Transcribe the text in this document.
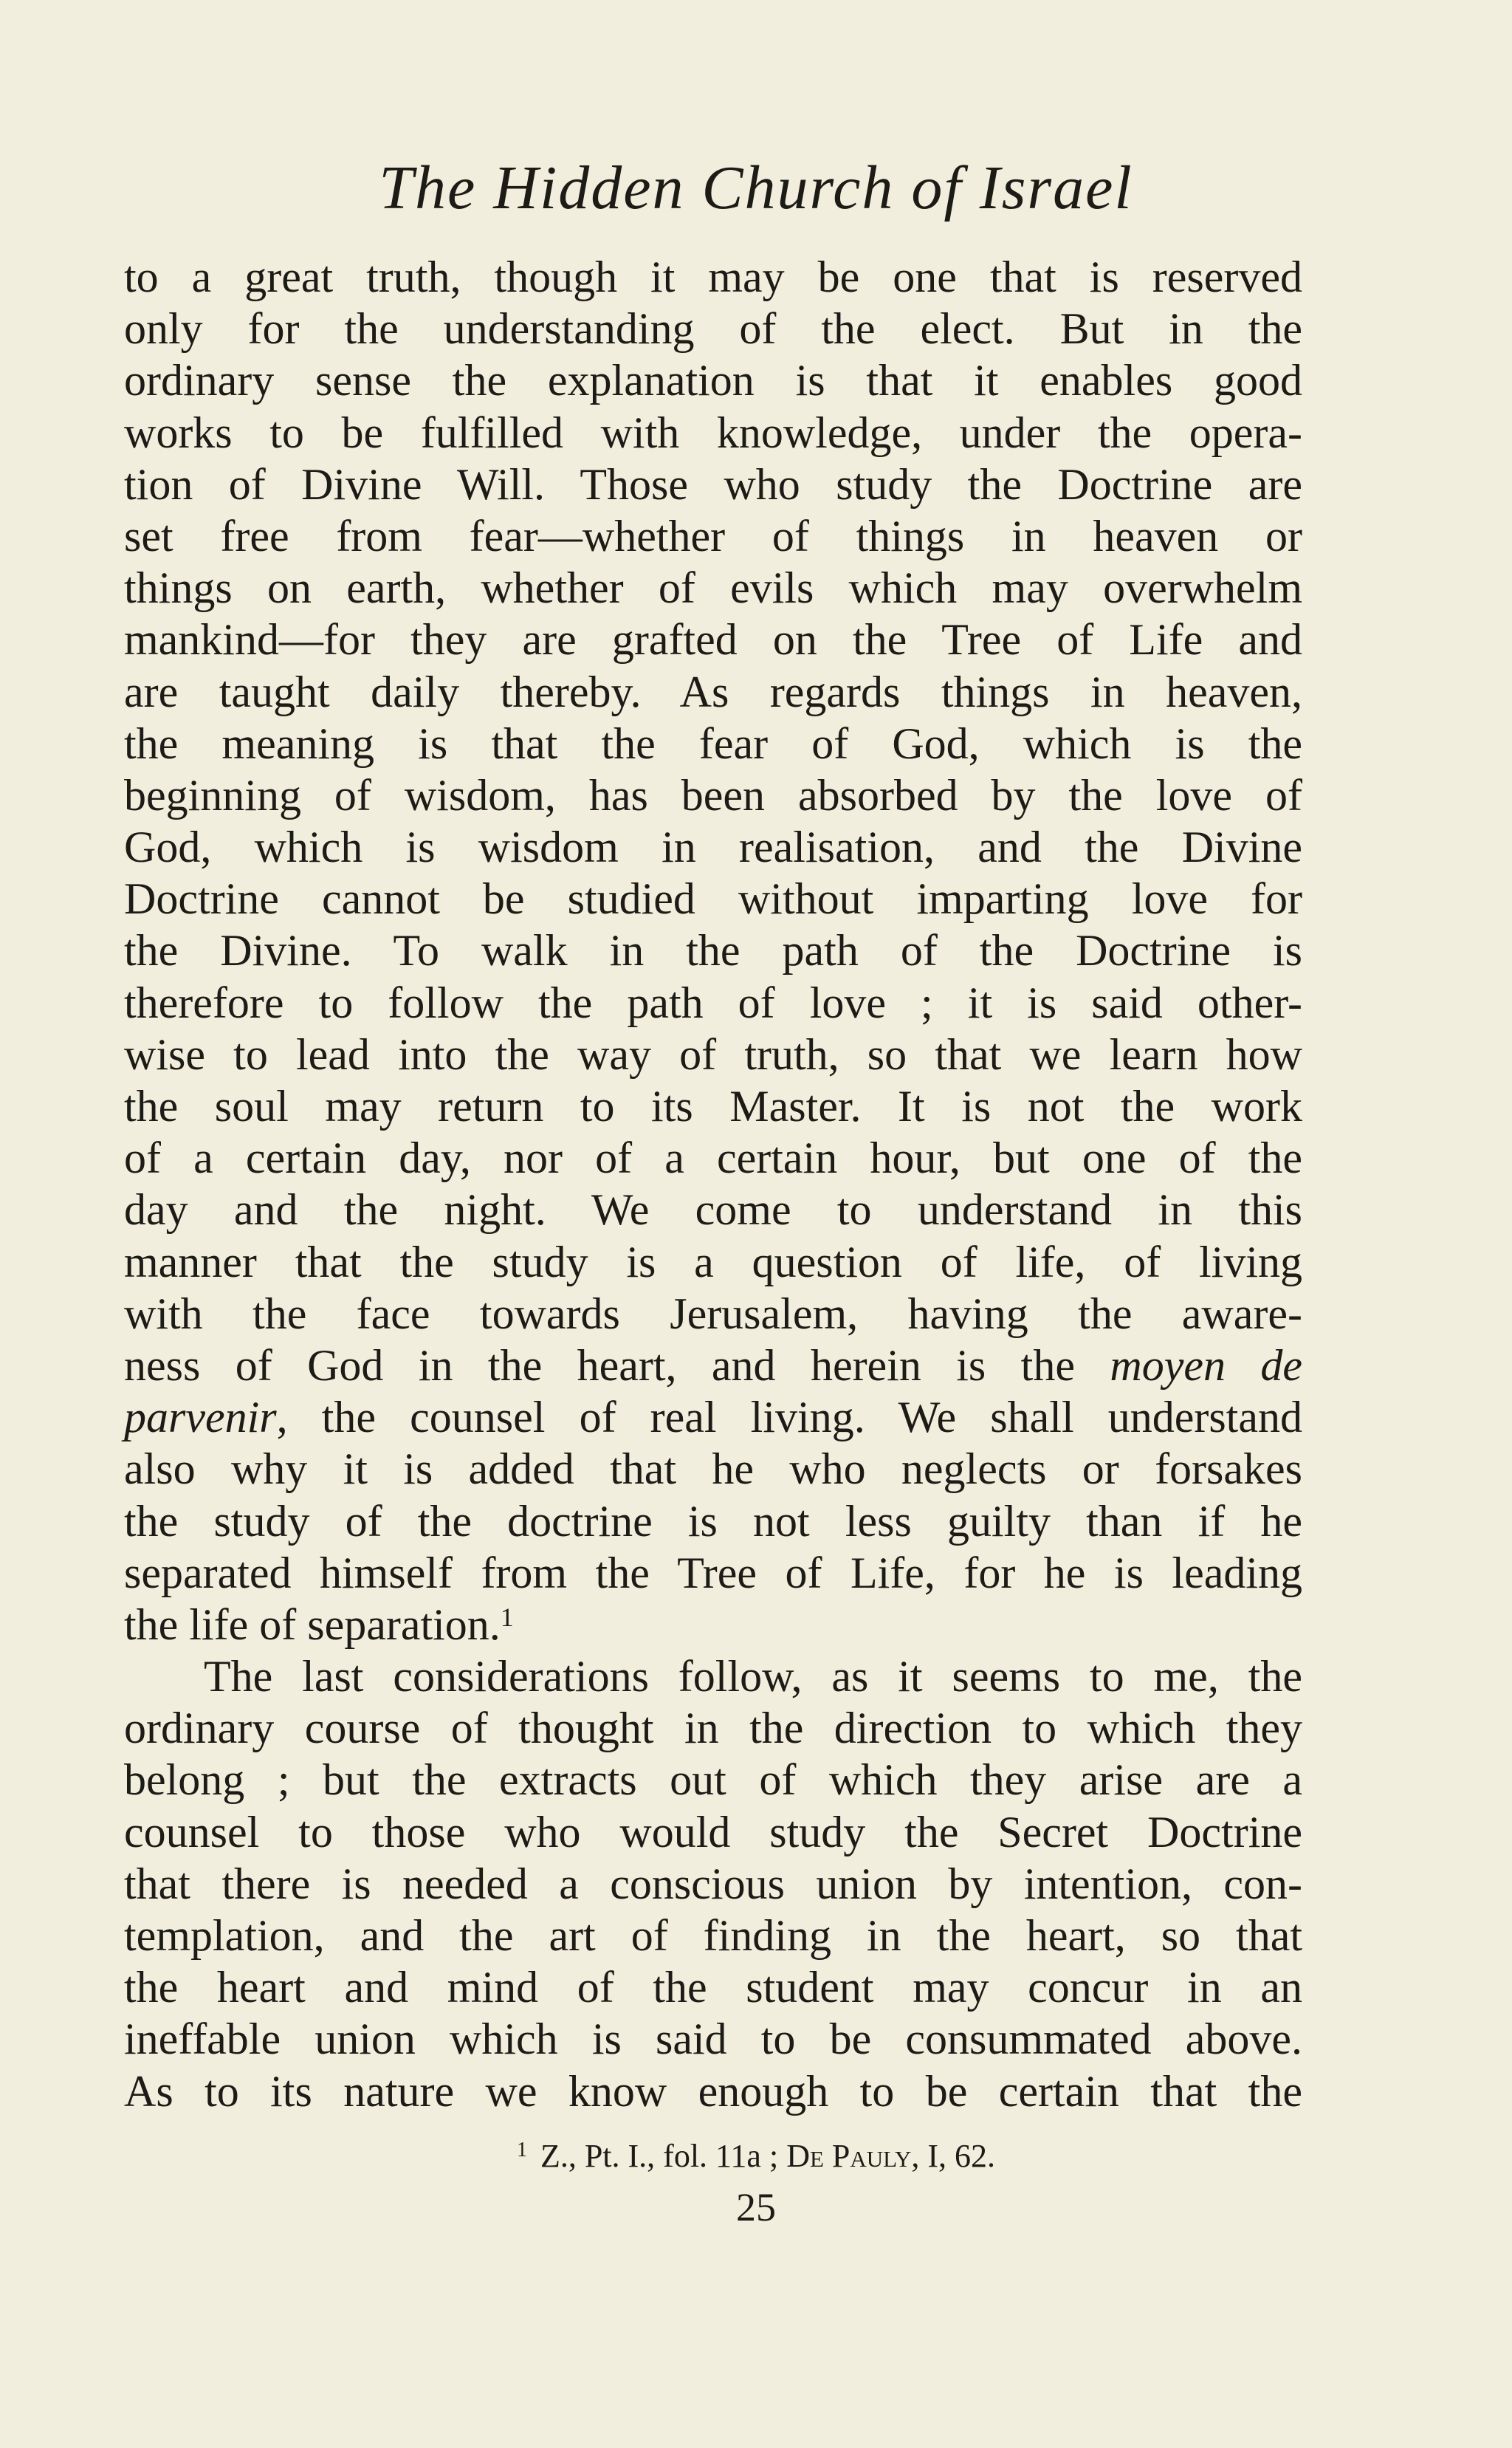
The Hidden Church of Israel
to a great truth, though it may be one that is reserved
only for the understanding of the elect. But in the
ordinary sense the explanation is that it enables good
works to be fulfilled with knowledge, under the opera-
tion of Divine Will. Those who study the Doctrine are
set free from fear—whether of things in heaven or
things on earth, whether of evils which may overwhelm
mankind—for they are grafted on the Tree of Life and
are taught daily thereby. As regards things in heaven,
the meaning is that the fear of God, which is the
beginning of wisdom, has been absorbed by the love of
God, which is wisdom in realisation, and the Divine
Doctrine cannot be studied without imparting love for
the Divine. To walk in the path of the Doctrine is
therefore to follow the path of love ; it is said other-
wise to lead into the way of truth, so that we learn how
the soul may return to its Master. It is not the work
of a certain day, nor of a certain hour, but one of the
day and the night. We come to understand in this
manner that the study is a question of life, of living
with the face towards Jerusalem, having the aware-
ness of God in the heart, and herein is the moyen de
parvenir, the counsel of real living. We shall understand
also why it is added that he who neglects or forsakes
the study of the doctrine is not less guilty than if he
separated himself from the Tree of Life, for he is leading
the life of separation.$^1$
The last considerations follow, as it seems to me, the
ordinary course of thought in the direction to which they
belong ; but the extracts out of which they arise are a
counsel to those who would study the Secret Doctrine
that there is needed a conscious union by intention, con-
templation, and the art of finding in the heart, so that
the heart and mind of the student may concur in an
ineffable union which is said to be consummated above.
As to its nature we know enough to be certain that the
$^1$ Z., Pt. I., fol. 11a ; De Pauly, I, 62.
25
